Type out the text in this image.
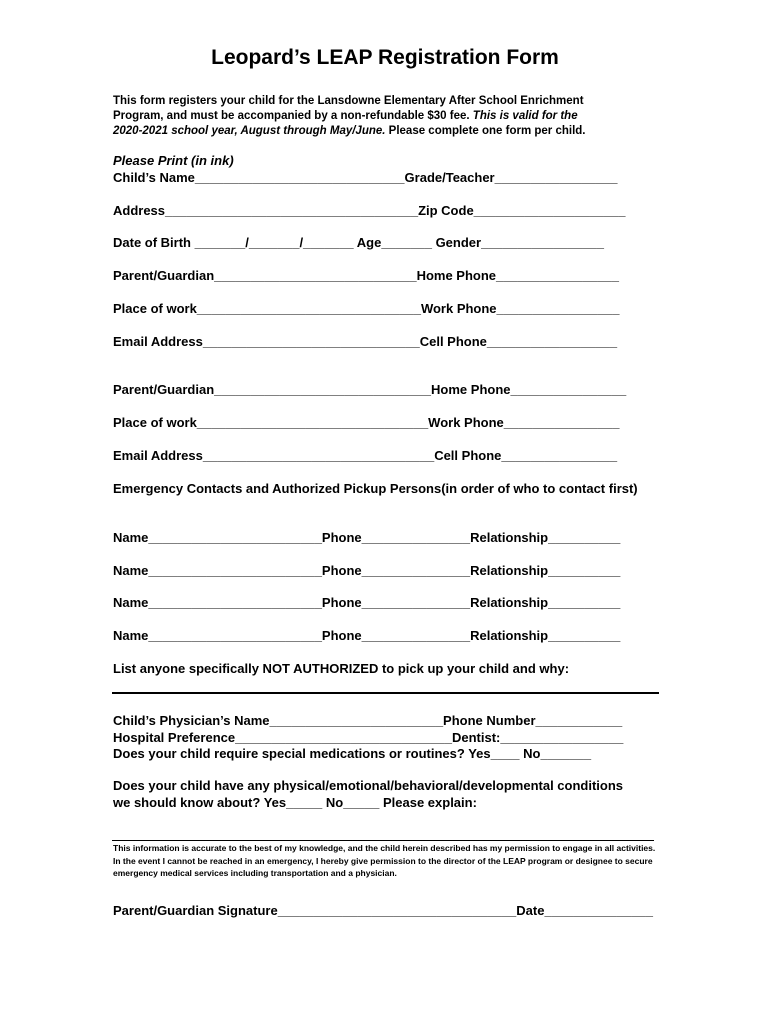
Leopard’s LEAP Registration Form
This form registers your child for the Lansdowne Elementary After School Enrichment
Program, and must be accompanied by a non-refundable $30 fee. This is valid for the
2020-2021 school year, August through May/June. Please complete one form per child.
Please Print (in ink)
Child’s Name_____________________________Grade/Teacher_________________
Address___________________________________Zip Code_____________________
Date of Birth _______/_______/_______ Age_______ Gender_________________
Parent/Guardian____________________________Home Phone_________________
Place of work_______________________________Work Phone_________________
Email Address______________________________Cell Phone__________________
Parent/Guardian______________________________Home Phone________________
Place of work________________________________Work Phone________________
Email Address________________________________Cell Phone________________
Emergency Contacts and Authorized Pickup Persons(in order of who to contact first)
Name________________________Phone_______________Relationship__________
Name________________________Phone_______________Relationship__________
Name________________________Phone_______________Relationship__________
Name________________________Phone_______________Relationship__________
List anyone specifically NOT AUTHORIZED to pick up your child and why:
Child’s Physician’s Name________________________Phone Number____________
Hospital Preference______________________________Dentist:_________________
Does your child require special medications or routines? Yes____ No_______
Does your child have any physical/emotional/behavioral/developmental conditions
we should know about? Yes_____ No_____ Please explain:
This information is accurate to the best of my knowledge, and the child herein described has my permission to engage in all activities. In the event I cannot be reached in an emergency, I hereby give permission to the director of the LEAP program or designee to secure emergency medical services including transportation and a physician.
Parent/Guardian Signature_________________________________Date_______________
